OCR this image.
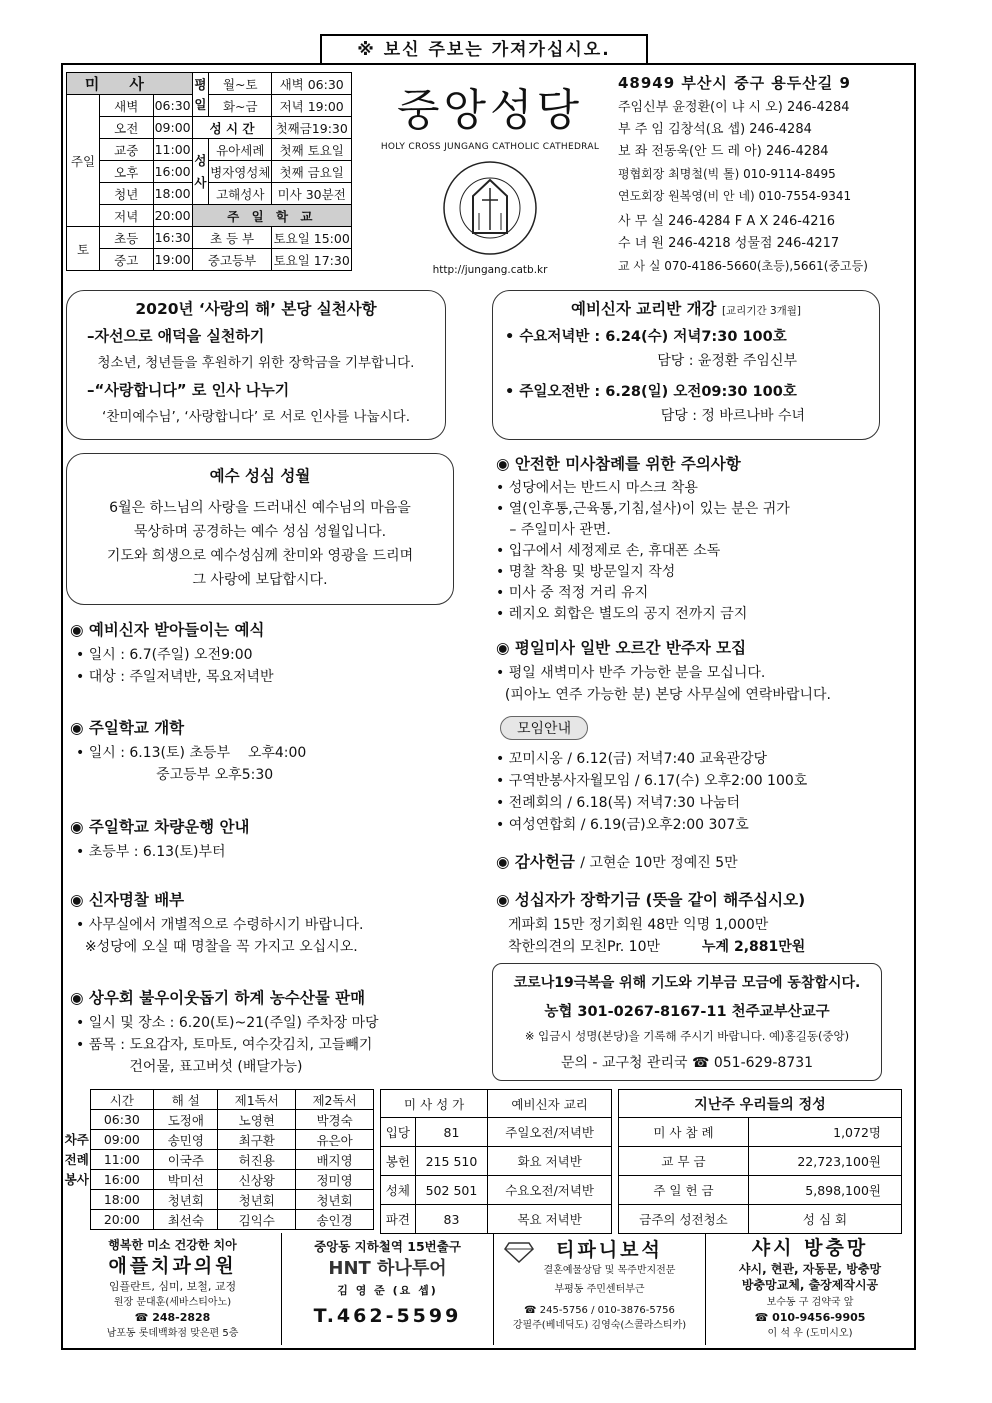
※ 보신 주보는 가져가십시오.
미사			평일	월~토	새벽 06:30
주일	새벽	06:30		화~금	저녁 19:00
	오전	09:00	성 시 간		첫째금19:30
	교중	11:00	성사	유아세례	첫째 토요일
	오후	16:00		병자영성체	첫째 금요일
	청년	18:00		고해성사	미사 30분전
	저녁	20:00	주 일 학 교		
토	초등	16:30	초 등 부		토요일 15:00
	중고	19:00	중고등부		토요일 17:30
중앙성당
HOLY CROSS JUNGANG CATHOLIC CATHEDRAL
http://jungang.catb.kr
48949 부산시 중구 용두산길 9
주임신부 윤정환(이 냐 시 오) 246-4284
부 주 임 김창석(요 셉) 246-4284
보 좌 전동욱(안 드 레 아) 246-4284
평협회장 최명철(빅 톨) 010-9114-8495
연도회장 원복영(비 안 네) 010-7554-9341
사 무 실 246-4284 F A X 246-4216
수 녀 원 246-4218 성물점 246-4217
교 사 실 070-4186-5660(초등),5661(중고등)
2020년 ‘사랑의 해’ 본당 실천사항
–자선으로 애덕을 실천하기
청소년, 청년들을 후원하기 위한 장학금을 기부합니다.
–“사랑합니다” 로 인사 나누기
‘찬미예수님’, ‘사랑합니다’ 로 서로 인사를 나눕시다.
예비신자 교리반 개강 [교리기간 3개월]
• 수요저녁반 : 6.24(수) 저녁7:30 100호
담당 : 윤정환 주임신부
• 주일오전반 : 6.28(일) 오전09:30 100호
담당 : 정 바르나바 수녀
예수 성심 성월
6월은 하느님의 사랑을 드러내신 예수님의 마음을
묵상하며 공경하는 예수 성심 성월입니다.
기도와 희생으로 예수성심께 찬미와 영광을 드리며
그 사랑에 보답합시다.
◉ 예비신자 받아들이는 예식

• 일시 : 6.7(주일) 오전9:00

• 대상 : 주일저녁반, 목요저녁반

◉ 주일학교 개학

• 일시 : 6.13(토) 초등부    오후4:00

중고등부 오후5:30

◉ 주일학교 차량운행 안내

• 초등부 : 6.13(토)부터

◉ 신자명찰 배부

• 사무실에서 개별적으로 수령하시기 바랍니다.

※성당에 오실 때 명찰을 꼭 가지고 오십시오.

◉ 상우회 불우이웃돕기 하계 농수산물 판매

• 일시 및 장소 : 6.20(토)~21(주일) 주차장 마당

• 품목 : 도요감자, 토마토, 여수갓김치, 고들빼기

건어물, 표고버섯 (배달가능)

◉ 안전한 미사참례를 위한 주의사항

• 성당에서는 반드시 마스크 착용

• 열(인후통,근육통,기침,설사)이 있는 분은 귀가

– 주일미사 관면.

• 입구에서 세정제로 손, 휴대폰 소독

• 명찰 착용 및 방문일지 작성

• 미사 중 적정 거리 유지

• 레지오 회합은 별도의 공지 전까지 금지

◉ 평일미사 일반 오르간 반주자 모집

• 평일 새벽미사 반주 가능한 분을 모십니다.

(피아노 연주 가능한 분) 본당 사무실에 연락바랍니다.

모임안내

• 꼬미시옹 / 6.12(금) 저녁7:40 교육관강당

• 구역반봉사자월모임 / 6.17(수) 오후2:00 100호

• 전례회의 / 6.18(목) 저녁7:30 나눔터

• 여성연합회 / 6.19(금)오후2:00 307호

◉ 감사헌금 / 고현순 10만 정예진 5만
◉ 성십자가 장학기금 (뜻을 같이 해주십시오)

게파회 15만 정기회원 48만 익명 1,000만

착한의견의 모친Pr. 10만	누계 2,881만원

코로나19극복을 위해 기도와 기부금 모금에 동참합시다.
농협 301-0267-8167-11 천주교부산교구
※ 입금시 성명(본당)을 기록해 주시기 바랍니다. 예)홍길동(중앙)
문의 - 교구청 관리국 ☎ 051-629-8731
차주전례봉사	시간	해 설	제1독서	제2독서
	06:30	도정애	노영현	박경숙
	09:00	송민영	최구환	유은아
	11:00	이국주	허진용	배지영
	16:00	박미선	신상왕	정미영
	18:00	청년회	청년회	청년회
	20:00	최선숙	김익수	송인경
미 사 성 가		예비신자 교리
입당	81	주일오전/저녁반
봉헌	215 510	화요 저녁반
성체	502 501	수요오전/저녁반
파견	83	목요 저녁반
지난주 우리들의 정성	
미 사 참 례	1,072명
교 무 금	22,723,100원
주 일 헌 금	5,898,100원
금주의 성전청소	성 심 회
행복한 미소 건강한 치아
애플치과의원
임플란트, 심미, 보철, 교정
원장 문대훈(세바스티아노)
☎ 248-2828
남포동 롯데백화점 맞은편 5층
중앙동 지하철역 15번출구
HNT 하나투어
김 영 준 (요 셉)
T.462-5599
티파니보석
결혼예물상담 및 목주반지전문
부평동 주민센터부근
☎ 245-5756 / 010-3876-5756
강필주(베네딕도) 김영숙(스콜라스티카)
샤시 방충망
샤시, 현관, 자동문, 방충망
방충망교체, 출장제작시공
보수동 구 검약국 앞
☎ 010-9456-9905
이 석 우 (도미시오)
